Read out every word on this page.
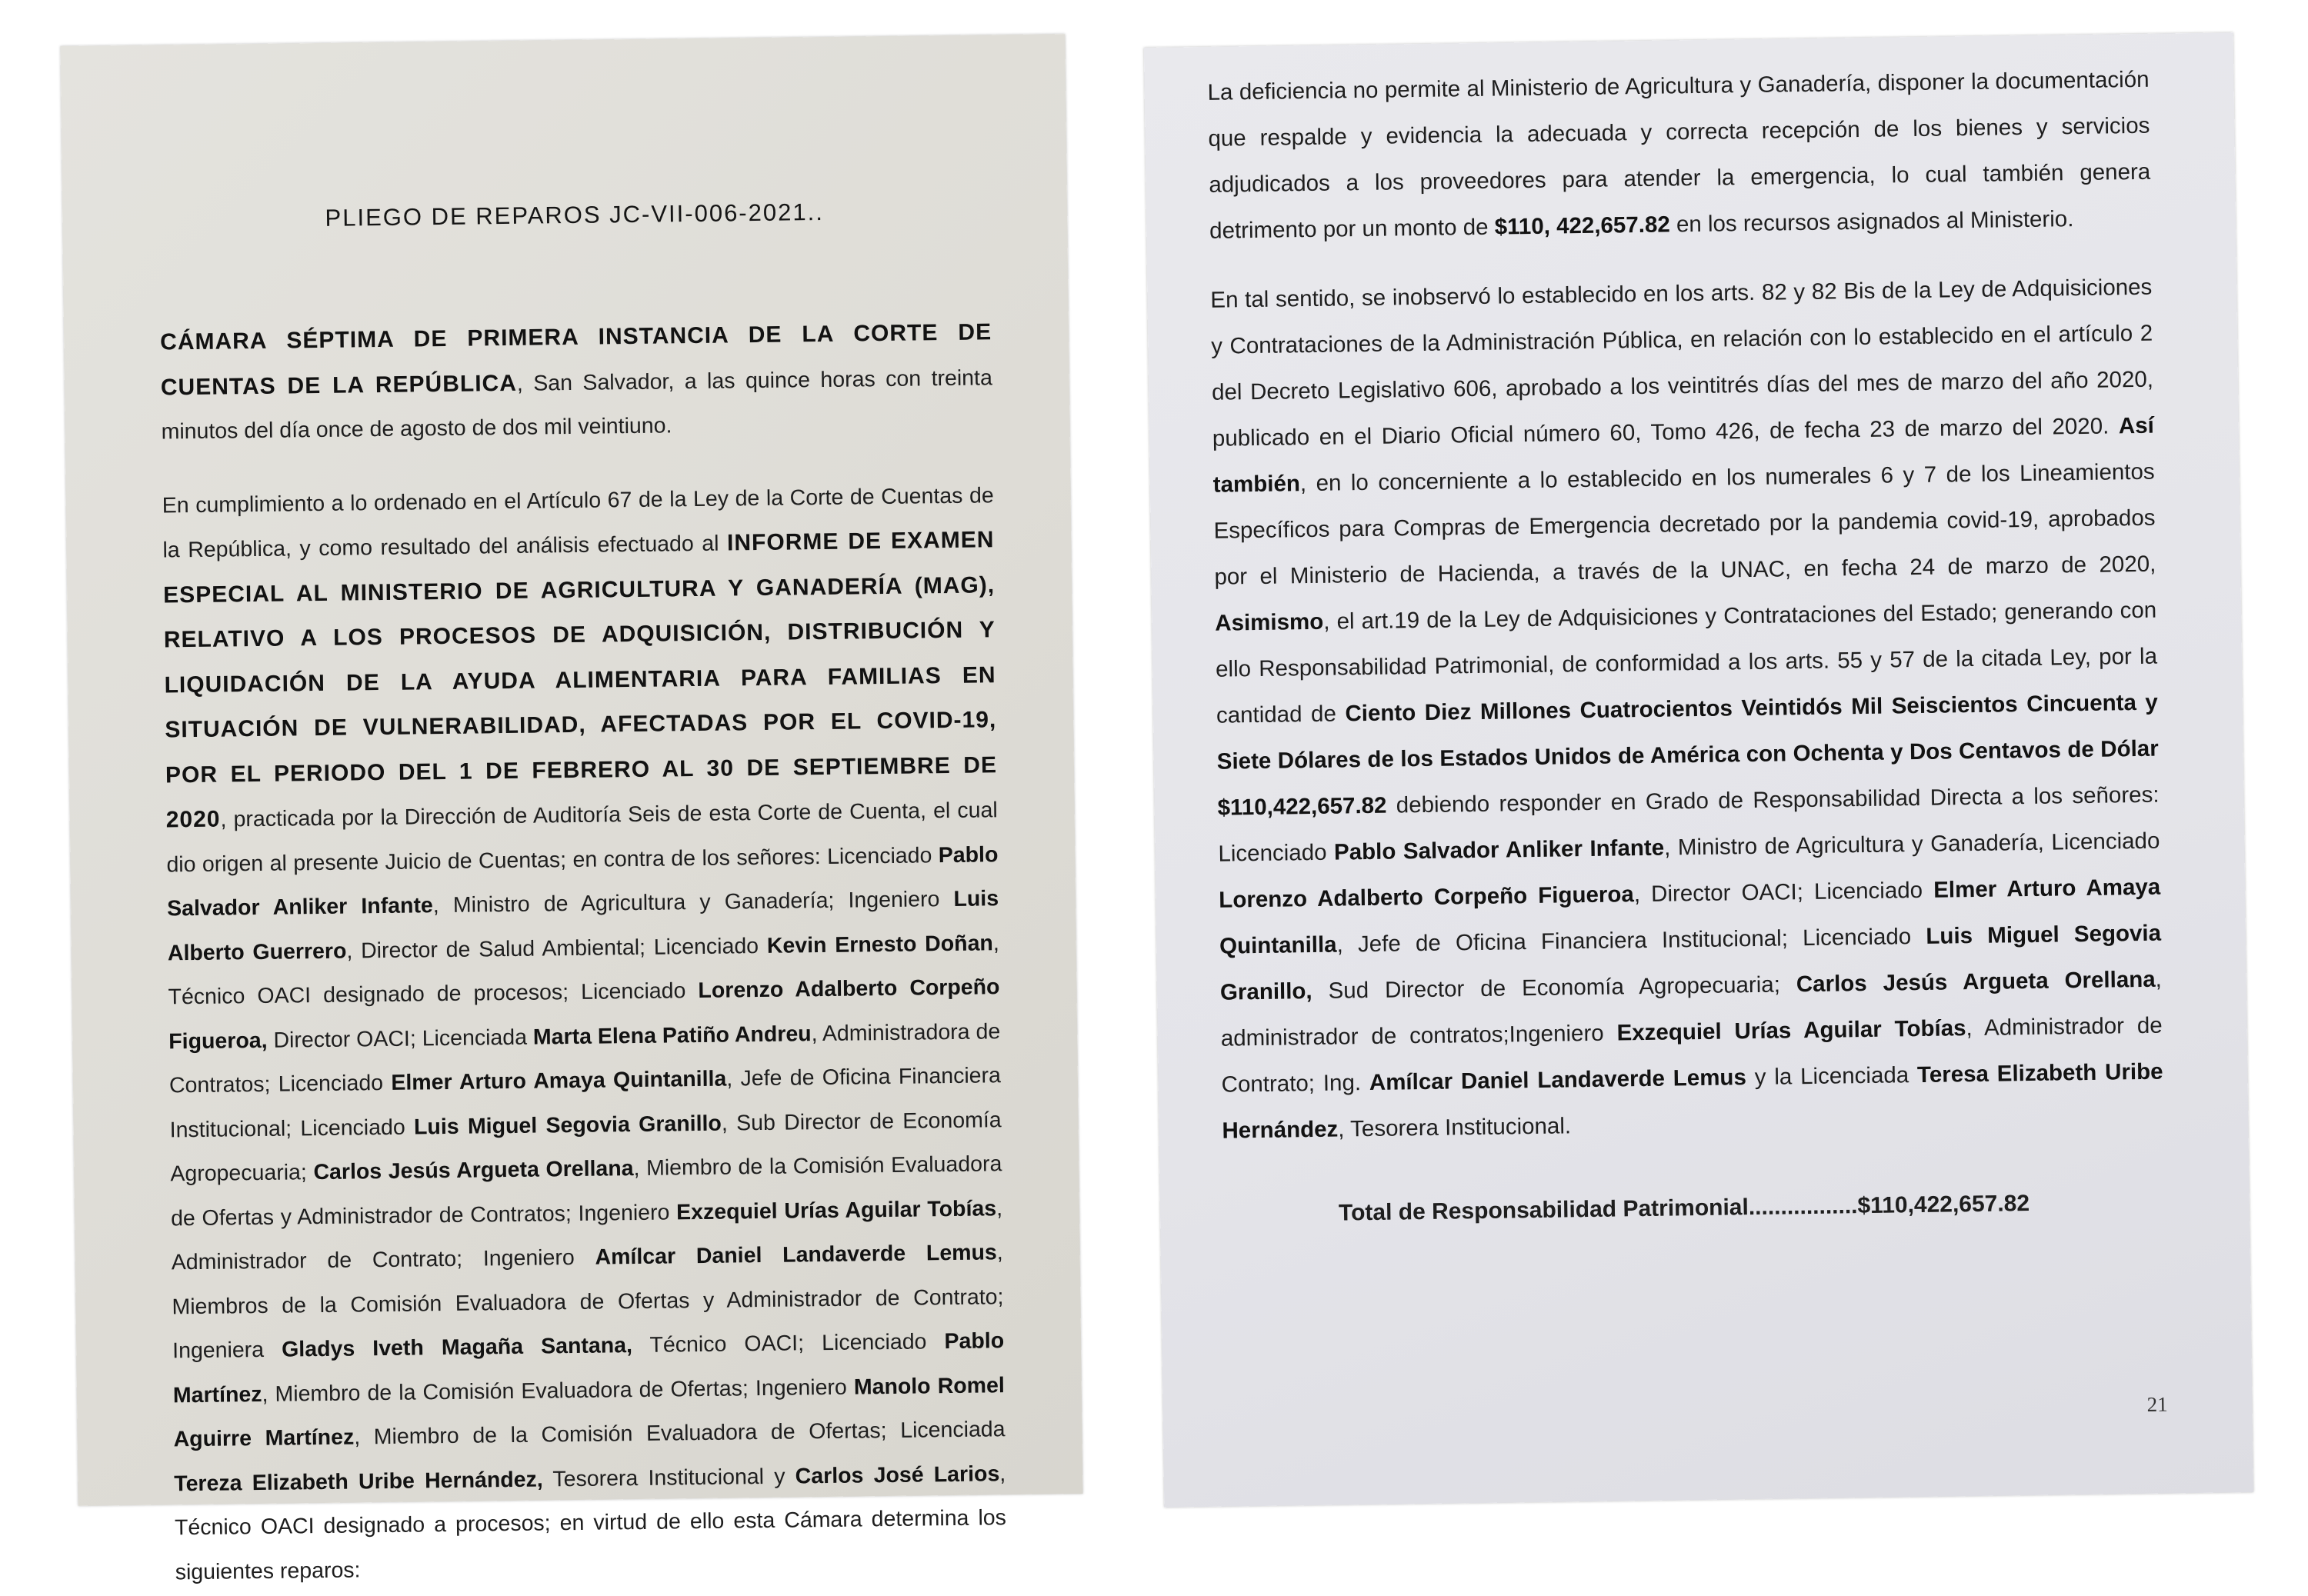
PLIEGO DE REPAROS JC-VII-006-2021..

CÁMARA SÉPTIMA DE PRIMERA INSTANCIA DE LA CORTE DE CUENTAS DE LA REPÚBLICA, San Salvador, a las quince horas con treinta minutos del día once de agosto de dos mil veintiuno.

En cumplimiento a lo ordenado en el Artículo 67 de la Ley de la Corte de Cuentas de la República, y como resultado del análisis efectuado al INFORME DE EXAMEN ESPECIAL AL MINISTERIO DE AGRICULTURA Y GANADERÍA (MAG), RELATIVO A LOS PROCESOS DE ADQUISICIÓN, DISTRIBUCIÓN Y LIQUIDACIÓN DE LA AYUDA ALIMENTARIA PARA FAMILIAS EN SITUACIÓN DE VULNERABILIDAD, AFECTADAS POR EL COVID-19, POR EL PERIODO DEL 1 DE FEBRERO AL 30 DE SEPTIEMBRE DE 2020, practicada por la Dirección de Auditoría Seis de esta Corte de Cuenta, el cual dio origen al presente Juicio de Cuentas; en contra de los señores: Licenciado Pablo Salvador Anliker Infante, Ministro de Agricultura y Ganadería; Ingeniero Luis Alberto Guerrero, Director de Salud Ambiental; Licenciado Kevin Ernesto Doñan, Técnico OACI designado de procesos; Licenciado Lorenzo Adalberto Corpeño Figueroa, Director OACI; Licenciada Marta Elena Patiño Andreu, Administradora de Contratos; Licenciado Elmer Arturo Amaya Quintanilla, Jefe de Oficina Financiera Institucional; Licenciado Luis Miguel Segovia Granillo, Sub Director de Economía Agropecuaria; Carlos Jesús Argueta Orellana, Miembro de la Comisión Evaluadora de Ofertas y Administrador de Contratos; Ingeniero Exzequiel Urías Aguilar Tobías, Administrador de Contrato; Ingeniero Amílcar Daniel Landaverde Lemus, Miembros de la Comisión Evaluadora de Ofertas y Administrador de Contrato; Ingeniera Gladys Iveth Magaña Santana, Técnico OACI; Licenciado Pablo Martínez, Miembro de la Comisión Evaluadora de Ofertas; Ingeniero Manolo Romel Aguirre Martínez, Miembro de la Comisión Evaluadora de Ofertas; Licenciada Tereza Elizabeth Uribe Hernández, Tesorera Institucional y Carlos José Larios, Técnico OACI designado a procesos; en virtud de ello esta Cámara determina los siguientes reparos:

La deficiencia no permite al Ministerio de Agricultura y Ganadería, disponer la documentación que respalde y evidencia la adecuada y correcta recepción de los bienes y servicios adjudicados a los proveedores para atender la emergencia, lo cual también genera detrimento por un monto de $110, 422,657.82 en los recursos asignados al Ministerio.

En tal sentido, se inobservó lo establecido en los arts. 82 y 82 Bis de la Ley de Adquisiciones y Contrataciones de la Administración Pública, en relación con lo establecido en el artículo 2 del Decreto Legislativo 606, aprobado a los veintitrés días del mes de marzo del año 2020, publicado en el Diario Oficial número 60, Tomo 426, de fecha 23 de marzo del 2020. Así también, en lo concerniente a lo establecido en los numerales 6 y 7 de los Lineamientos Específicos para Compras de Emergencia decretado por la pandemia covid-19, aprobados por el Ministerio de Hacienda, a través de la UNAC, en fecha 24 de marzo de 2020, Asimismo, el art.19 de la Ley de Adquisiciones y Contrataciones del Estado; generando con ello Responsabilidad Patrimonial, de conformidad a los arts. 55 y 57 de la citada Ley, por la cantidad de Ciento Diez Millones Cuatrocientos Veintidós Mil Seiscientos Cincuenta y Siete Dólares de los Estados Unidos de América con Ochenta y Dos Centavos de Dólar $110,422,657.82 debiendo responder en Grado de Responsabilidad Directa a los señores: Licenciado Pablo Salvador Anliker Infante, Ministro de Agricultura y Ganadería, Licenciado Lorenzo Adalberto Corpeño Figueroa, Director OACI; Licenciado Elmer Arturo Amaya Quintanilla, Jefe de Oficina Financiera Institucional; Licenciado Luis Miguel Segovia Granillo, Sud Director de Economía Agropecuaria; Carlos Jesús Argueta Orellana, administrador de contratos;Ingeniero Exzequiel Urías Aguilar Tobías, Administrador de Contrato; Ing. Amílcar Daniel Landaverde Lemus y la Licenciada Teresa Elizabeth Uribe Hernández, Tesorera Institucional.

Total de Responsabilidad Patrimonial.................$110,422,657.82
21
